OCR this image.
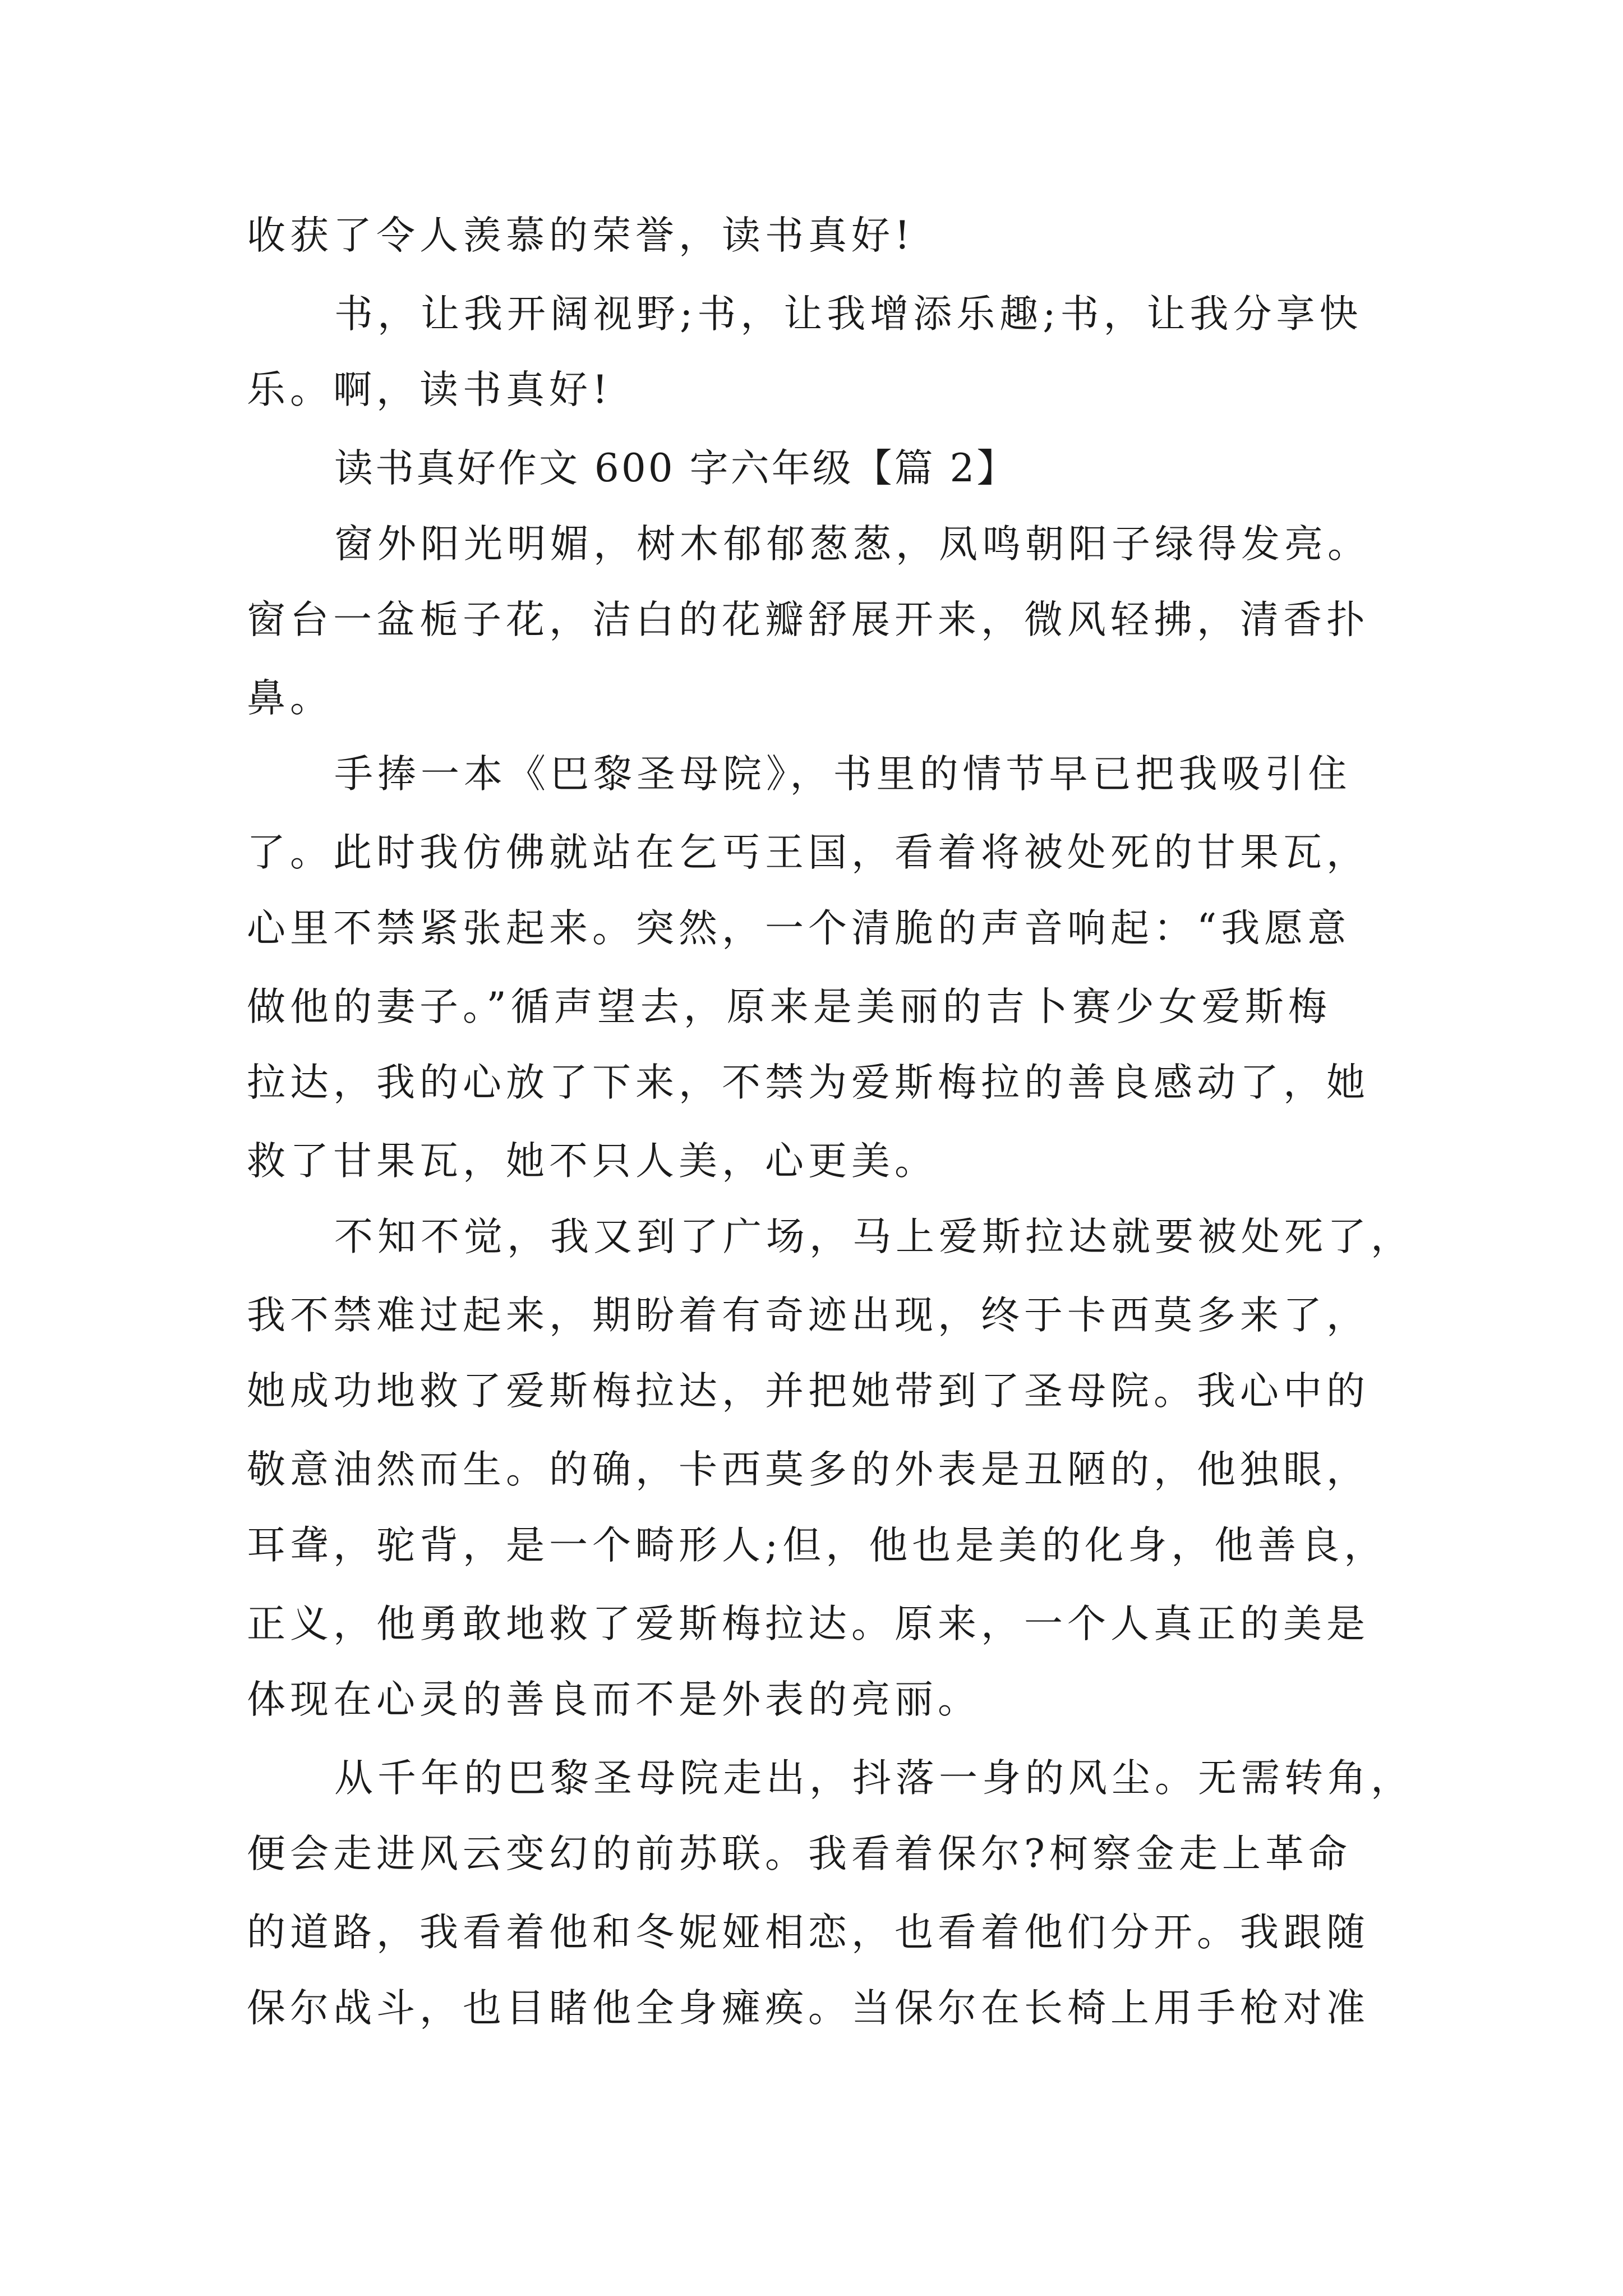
收获了令人羡慕的荣誉，读书真好!
书，让我开阔视野;书，让我增添乐趣;书，让我分享快
乐。啊，读书真好!
读书真好作文 600 字六年级【篇 2】
窗外阳光明媚，树木郁郁葱葱，凤鸣朝阳子绿得发亮。
窗台一盆栀子花，洁白的花瓣舒展开来，微风轻拂，清香扑
鼻。
手捧一本《巴黎圣母院》，书里的情节早已把我吸引住
了。此时我仿佛就站在乞丐王国，看着将被处死的甘果瓦，
心里不禁紧张起来。突然，一个清脆的声音响起：“我愿意
做他的妻子。”循声望去，原来是美丽的吉卜赛少女爱斯梅
拉达，我的心放了下来，不禁为爱斯梅拉的善良感动了，她
救了甘果瓦，她不只人美，心更美。
不知不觉，我又到了广场，马上爱斯拉达就要被处死了，
我不禁难过起来，期盼着有奇迹出现，终于卡西莫多来了，
她成功地救了爱斯梅拉达，并把她带到了圣母院。我心中的
敬意油然而生。的确，卡西莫多的外表是丑陋的，他独眼，
耳聋，驼背，是一个畸形人;但，他也是美的化身，他善良，
正义，他勇敢地救了爱斯梅拉达。原来，一个人真正的美是
体现在心灵的善良而不是外表的亮丽。
从千年的巴黎圣母院走出，抖落一身的风尘。无需转角，
便会走进风云变幻的前苏联。我看着保尔?柯察金走上革命
的道路，我看着他和冬妮娅相恋，也看着他们分开。我跟随
保尔战斗，也目睹他全身瘫痪。当保尔在长椅上用手枪对准
